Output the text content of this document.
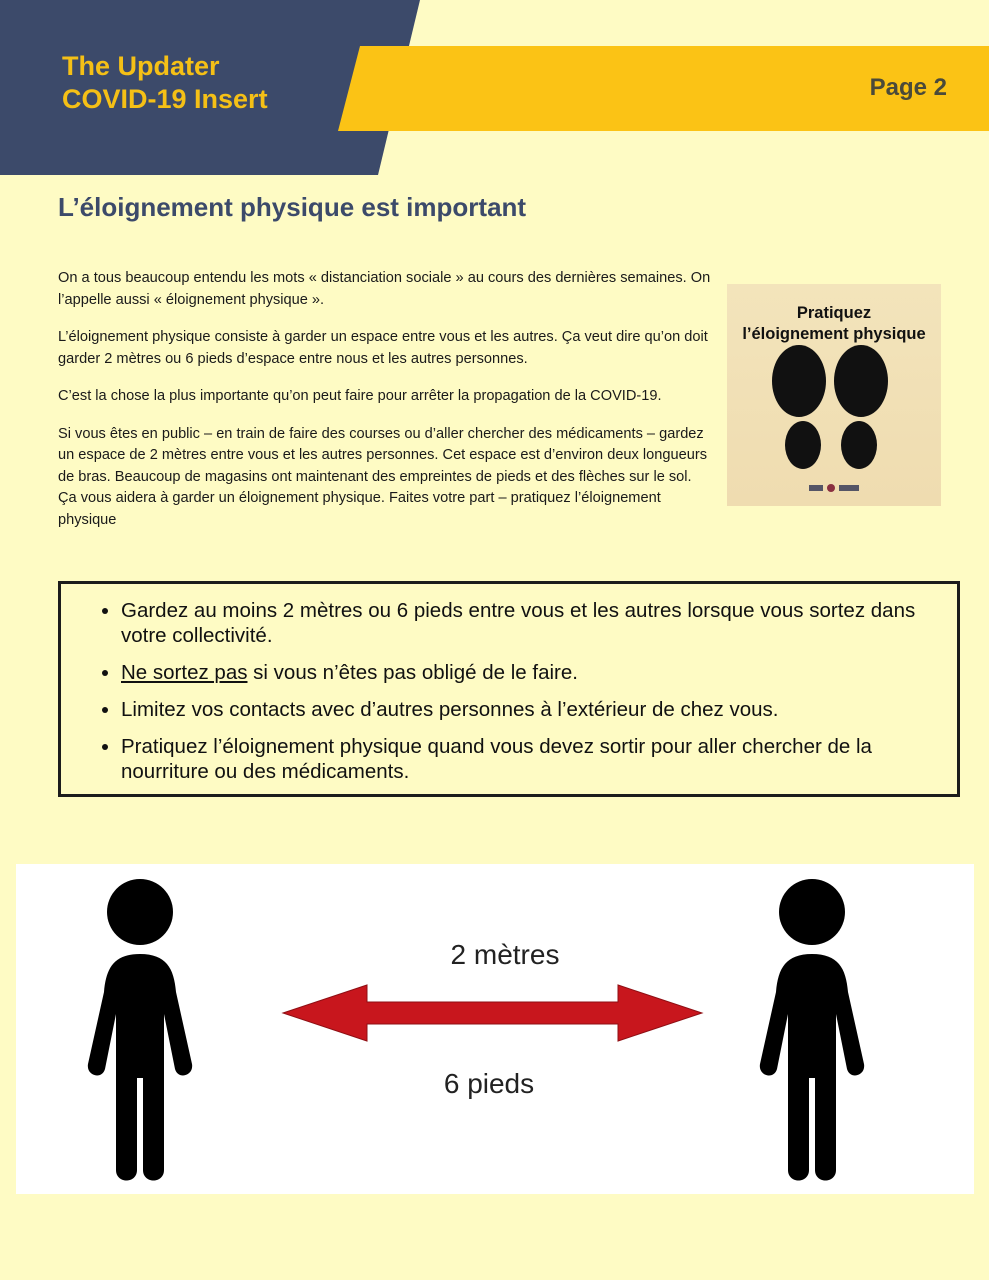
The Updater
COVID-19 Insert	Page 2
L’éloignement physique est important

On a tous beaucoup entendu les mots « distanciation sociale » au cours des dernières semaines. On l’appelle aussi « éloignement physique ».

L’éloignement physique consiste à garder un espace entre vous et les autres. Ça veut dire qu’on doit garder 2 mètres ou 6 pieds d’espace entre nous et les autres personnes.

C’est la chose la plus importante qu’on peut faire pour arrêter la propagation de la COVID-19.

Si vous êtes en public – en train de faire des courses ou d’aller chercher des médicaments – gardez un espace de 2 mètres entre vous et les autres personnes. Cet espace est d’environ deux longueurs de bras. Beaucoup de magasins ont maintenant des empreintes de pieds et des flèches sur le sol. Ça vous aidera à garder un éloignement physique. Faites votre part – pratiquez l’éloignement physique

Pratiquez
l’éloignement physique
• Gardez au moins 2 mètres ou 6 pieds entre vous et les autres lorsque vous sortez dans votre collectivité.
• Ne sortez pas si vous n’êtes pas obligé de le faire.
• Limitez vos contacts avec d’autres personnes à l’extérieur de chez vous.
• Pratiquez l’éloignement physique quand vous devez sortir pour aller chercher de la nourriture ou des médicaments.
2 mètres
6 pieds
